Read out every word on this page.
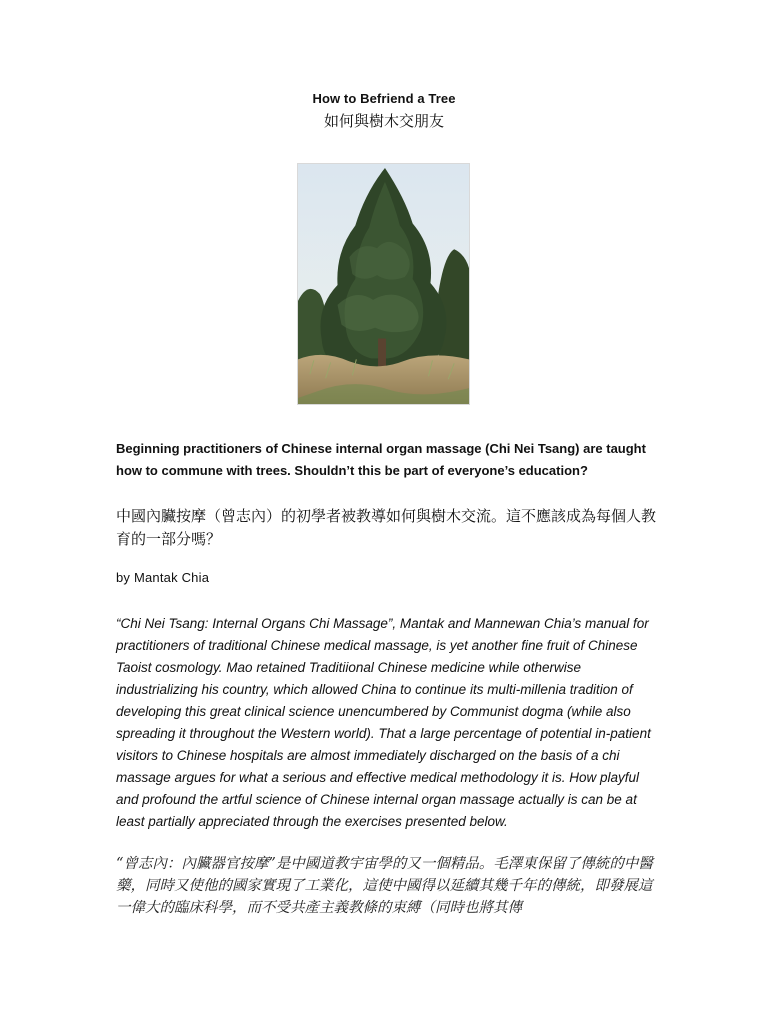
How to Befriend a Tree
如何與樹木交朋友
Beginning practitioners of Chinese internal organ massage (Chi Nei Tsang) are taught how to commune with trees. Shouldn’t this be part of everyone’s education?
中國內臟按摩（曾志內）的初學者被教導如何與樹木交流。這不應該成為每個人教育的一部分嗎？
by Mantak Chia
“Chi Nei Tsang: Internal Organs Chi Massage”, Mantak and Mannewan Chia’s manual for practitioners of traditional Chinese medical massage, is yet another fine fruit of Chinese Taoist cosmology. Mao retained Traditiional Chinese medicine while otherwise industrializing his country, which allowed China to continue its multi-millenia tradition of developing this great clinical science unencumbered by Communist dogma (while also spreading it throughout the Western world). That a large percentage of potential in-patient visitors to Chinese hospitals are almost immediately discharged on the basis of a chi massage argues for what a serious and effective medical methodology it is. How playful and profound the artful science of Chinese internal organ massage actually is can be at least partially appreciated through the exercises presented below.
“曾志內：內臟器官按摩”是中國道教宇宙學的又一個精品。毛澤東保留了傳統的中醫藥，同時又使他的國家實現了工業化，這使中國得以延續其幾千年的傳統，即發展這一偉大的臨床科學，而不受共產主義教條的束縛（同時也將其傳
